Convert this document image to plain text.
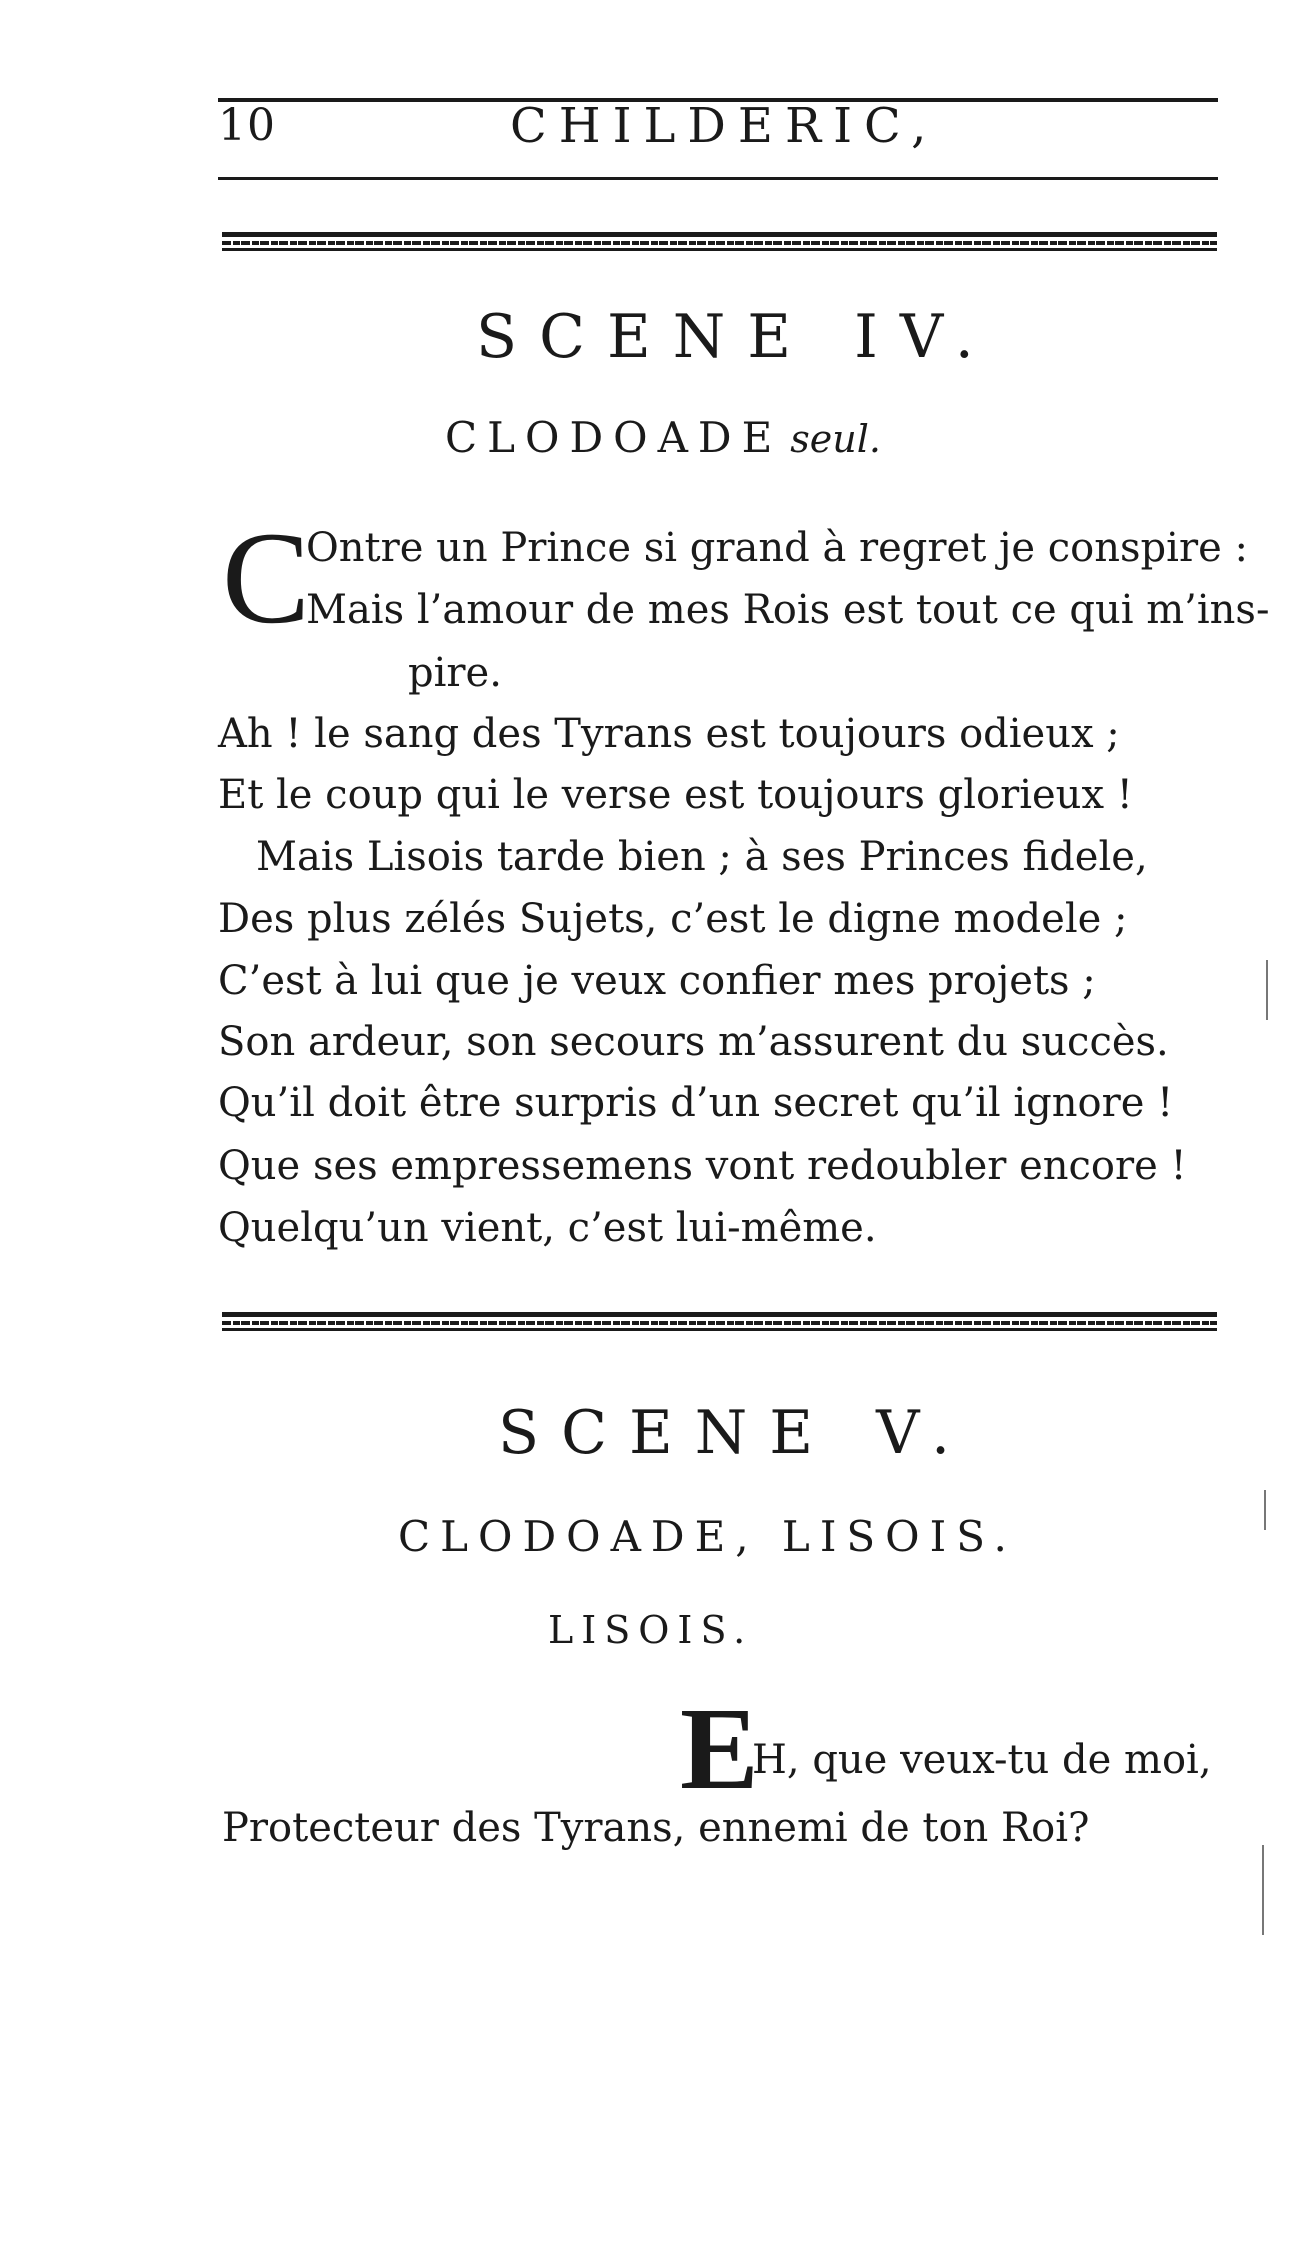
10	CHILDERIC,
SCENE IV.
CLODOADE seul.
C
Ontre un Prince si grand à regret je conspire :
Mais l’amour de mes Rois est tout ce qui m’ins-
pire.
Ah ! le sang des Tyrans est toujours odieux ;
Et le coup qui le verse est toujours glorieux !
Mais Lisois tarde bien ; à ses Princes fidele,
Des plus zélés Sujets, c’est le digne modele ;
C’est à lui que je veux confier mes projets ;
Son ardeur, son secours m’assurent du succès.
Qu’il doit être surpris d’un secret qu’il ignore !
Que ses empressemens vont redoubler encore !
Quelqu’un vient, c’est lui-même.
SCENE V.
CLODOADE, LISOIS.
LISOIS.
E
H, que veux-tu de moi,
Protecteur des Tyrans, ennemi de ton Roi?
